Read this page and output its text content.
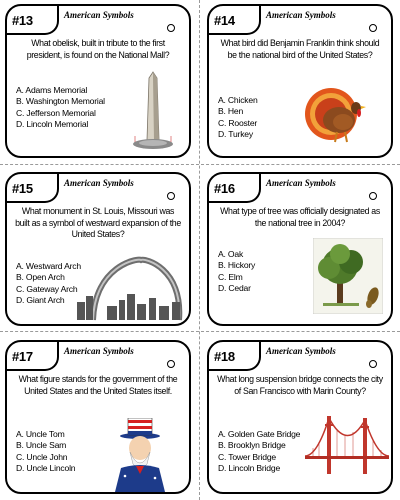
#13	American Symbols
What obelisk, built in tribute to the first president, is found on the National Mall?
A. Adams Memorial
B. Washington Memorial
C. Jefferson Memorial
D. Lincoln Memorial
#14	American Symbols
What bird did Benjamin Franklin think should be the national bird of the United States?
A. Chicken
B. Hen
C. Rooster
D. Turkey
#15	American Symbols
What monument in St. Louis, Missouri was built as a symbol of westward expansion of the United States?
A. Westward Arch
B. Open Arch
C. Gateway Arch
D. Giant Arch
#16	American Symbols
What type of tree was officially designated as the national tree in 2004?
A. Oak
B. Hickory
C. Elm
D. Cedar
#17	American Symbols
What figure stands for the government of the United States and the United States itself.
A. Uncle Tom
B. Uncle Sam
C. Uncle John
D. Uncle Lincoln
#18	American Symbols
What long suspension bridge connects the city of San Francisco with Marin County?
A. Golden Gate Bridge
B. Brooklyn Bridge
C. Tower Bridge
D. Lincoln Bridge
